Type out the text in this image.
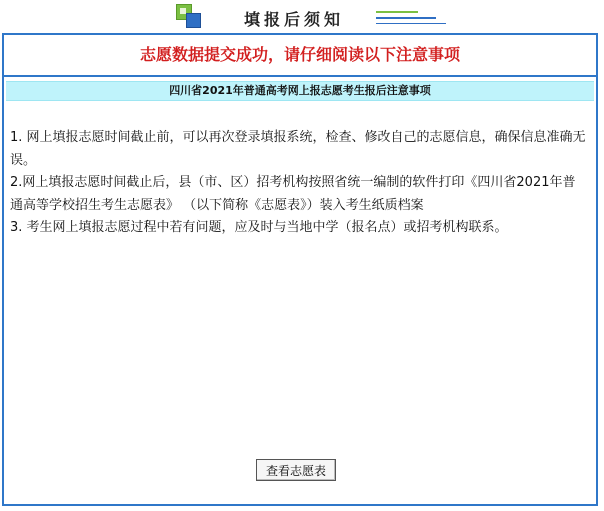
填报后须知
志愿数据提交成功，请仔细阅读以下注意事项
四川省2021年普通高考网上报志愿考生报后注意事项

1. 网上填报志愿时间截止前，可以再次登录填报系统，检查、修改自己的志愿信息，确保信息准确无误。

2.网上填报志愿时间截止后，县（市、区）招考机构按照省统一编制的软件打印《四川省2021年普通高等学校招生考生志愿表》 （以下简称《志愿表》）装入考生纸质档案

3. 考生网上填报志愿过程中若有问题，应及时与当地中学（报名点）或招考机构联系。

查看志愿表
